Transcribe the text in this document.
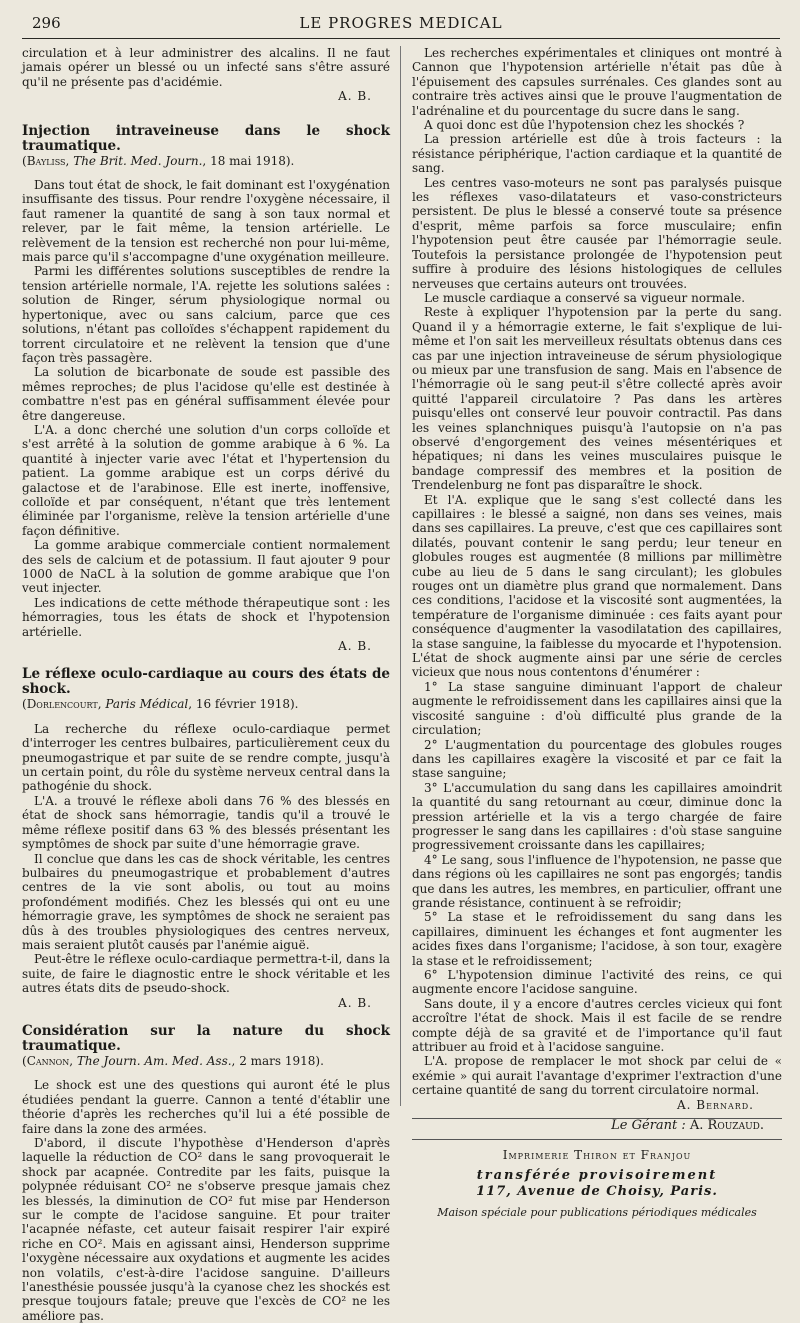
296	LE PROGRES MEDICAL

circulation et à leur administrer des alcalins. Il ne faut jamais opérer un blessé ou un infecté sans s'être assuré qu'il ne présente pas d'acidémie.

A. B.

Injection intraveineuse dans le shock traumatique.
(Bayliss, The Brit. Med. Journ., 18 mai 1918).

Dans tout état de shock, le fait dominant est l'oxygénation insuffisante des tissus. Pour rendre l'oxygène nécessaire, il faut ramener la quantité de sang à son taux normal et relever, par le fait même, la tension artérielle. Le relèvement de la tension est recherché non pour lui-même, mais parce qu'il s'accompagne d'une oxygénation meilleure.

Parmi les différentes solutions susceptibles de rendre la tension artérielle normale, l'A. rejette les solutions salées : solution de Ringer, sérum physiologique normal ou hypertonique, avec ou sans calcium, parce que ces solutions, n'étant pas colloïdes s'échappent rapidement du torrent circulatoire et ne relèvent la tension que d'une façon très passagère.

La solution de bicarbonate de soude est passible des mêmes reproches; de plus l'acidose qu'elle est destinée à combattre n'est pas en général suffisamment élevée pour être dangereuse.

L'A. a donc cherché une solution d'un corps colloïde et s'est arrêté à la solution de gomme arabique à 6 %. La quantité à injecter varie avec l'état et l'hypertension du patient. La gomme arabique est un corps dérivé du galactose et de l'arabinose. Elle est inerte, inoffensive, colloïde et par conséquent, n'étant que très lentement éliminée par l'organisme, relève la tension artérielle d'une façon définitive.

La gomme arabique commerciale contient normalement des sels de calcium et de potassium. Il faut ajouter 9 pour 1000 de NaCL à la solution de gomme arabique que l'on veut injecter.

Les indications de cette méthode thérapeutique sont : les hémorragies, tous les états de shock et l'hypotension artérielle.

A. B.

Le réflexe oculo-cardiaque au cours des états de shock.
(Dorlencourt, Paris Médical, 16 février 1918).

La recherche du réflexe oculo-cardiaque permet d'interroger les centres bulbaires, particulièrement ceux du pneumogastrique et par suite de se rendre compte, jusqu'à un certain point, du rôle du système nerveux central dans la pathogénie du shock.

L'A. a trouvé le réflexe aboli dans 76 % des blessés en état de shock sans hémorragie, tandis qu'il a trouvé le même réflexe positif dans 63 % des blessés présentant les symptômes de shock par suite d'une hémorragie grave.

Il conclue que dans les cas de shock véritable, les centres bulbaires du pneumogastrique et probablement d'autres centres de la vie sont abolis, ou tout au moins profondément modifiés. Chez les blessés qui ont eu une hémorragie grave, les symptômes de shock ne seraient pas dûs à des troubles physiologiques des centres nerveux, mais seraient plutôt causés par l'anémie aiguë.

Peut-être le réflexe oculo-cardiaque permettra-t-il, dans la suite, de faire le diagnostic entre le shock véritable et les autres états dits de pseudo-shock.

A. B.

Considération sur la nature du shock traumatique.
(Cannon, The Journ. Am. Med. Ass., 2 mars 1918).

Le shock est une des questions qui auront été le plus étudiées pendant la guerre. Cannon a tenté d'établir une théorie d'après les recherches qu'il lui a été possible de faire dans la zone des armées.

D'abord, il discute l'hypothèse d'Henderson d'après laquelle la réduction de CO² dans le sang provoquerait le shock par acapnée. Contredite par les faits, puisque la polypnée réduisant CO² ne s'observe presque jamais chez les blessés, la diminution de CO² fut mise par Henderson sur le compte de l'acidose sanguine. Et pour traiter l'acapnée néfaste, cet auteur faisait respirer l'air expiré riche en CO². Mais en agissant ainsi, Henderson supprime l'oxygène nécessaire aux oxydations et augmente les acides non volatils, c'est-à-dire l'acidose sanguine. D'ailleurs l'anesthésie poussée jusqu'à la cyanose chez les shockés est presque toujours fatale; preuve que l'excès de CO² ne les améliore pas.

Les recherches expérimentales et cliniques ont montré à Cannon que l'hypotension artérielle n'était pas dûe à l'épuisement des capsules surrénales. Ces glandes sont au contraire très actives ainsi que le prouve l'augmentation de l'adrénaline et du pourcentage du sucre dans le sang.

A quoi donc est dûe l'hypotension chez les shockés ?

La pression artérielle est dûe à trois facteurs : la résistance périphérique, l'action cardiaque et la quantité de sang.

Les centres vaso-moteurs ne sont pas paralysés puisque les réflexes vaso-dilatateurs et vaso-constricteurs persistent. De plus le blessé a conservé toute sa présence d'esprit, même parfois sa force musculaire; enfin l'hypotension peut être causée par l'hémorragie seule. Toutefois la persistance prolongée de l'hypotension peut suffire à produire des lésions histologiques de cellules nerveuses que certains auteurs ont trouvées.

Le muscle cardiaque a conservé sa vigueur normale.

Reste à expliquer l'hypotension par la perte du sang. Quand il y a hémorragie externe, le fait s'explique de lui-même et l'on sait les merveilleux résultats obtenus dans ces cas par une injection intraveineuse de sérum physiologique ou mieux par une transfusion de sang. Mais en l'absence de l'hémorragie où le sang peut-il s'être collecté après avoir quitté l'appareil circulatoire ? Pas dans les artères puisqu'elles ont conservé leur pouvoir contractil. Pas dans les veines splanchniques puisqu'à l'autopsie on n'a pas observé d'engorgement des veines mésentériques et hépatiques; ni dans les veines musculaires puisque le bandage compressif des membres et la position de Trendelenburg ne font pas disparaître le shock.

Et l'A. explique que le sang s'est collecté dans les capillaires : le blessé a saigné, non dans ses veines, mais dans ses capillaires. La preuve, c'est que ces capillaires sont dilatés, pouvant contenir le sang perdu; leur teneur en globules rouges est augmentée (8 millions par millimètre cube au lieu de 5 dans le sang circulant); les globules rouges ont un diamètre plus grand que normalement. Dans ces conditions, l'acidose et la viscosité sont augmentées, la température de l'organisme diminuée : ces faits ayant pour conséquence d'augmenter la vasodilatation des capillaires, la stase sanguine, la faiblesse du myocarde et l'hypotension. L'état de shock augmente ainsi par une série de cercles vicieux que nous nous contentons d'énumérer :

1° La stase sanguine diminuant l'apport de chaleur augmente le refroidissement dans les capillaires ainsi que la viscosité sanguine : d'où difficulté plus grande de la circulation;

2° L'augmentation du pourcentage des globules rouges dans les capillaires exagère la viscosité et par ce fait la stase sanguine;

3° L'accumulation du sang dans les capillaires amoindrit la quantité du sang retournant au cœur, diminue donc la pression artérielle et la vis a tergo chargée de faire progresser le sang dans les capillaires : d'où stase sanguine progressivement croissante dans les capillaires;

4° Le sang, sous l'influence de l'hypotension, ne passe que dans régions où les capillaires ne sont pas engorgés; tandis que dans les autres, les membres, en particulier, offrant une grande résistance, continuent à se refroidir;

5° La stase et le refroidissement du sang dans les capillaires, diminuent les échanges et font augmenter les acides fixes dans l'organisme; l'acidose, à son tour, exagère la stase et le refroidissement;

6° L'hypotension diminue l'activité des reins, ce qui augmente encore l'acidose sanguine.

Sans doute, il y a encore d'autres cercles vicieux qui font accroître l'état de shock. Mais il est facile de se rendre compte déjà de sa gravité et de l'importance qu'il faut attribuer au froid et à l'acidose sanguine.

L'A. propose de remplacer le mot shock par celui de « exémie » qui aurait l'avantage d'exprimer l'extraction d'une certaine quantité de sang du torrent circulatoire normal.

A. Bernard.

Le Gérant : A. Rouzaud.

Imprimerie Thiron et Franjou
transférée provisoirement
117, Avenue de Choisy, Paris.
Maison spéciale pour publications périodiques médicales
